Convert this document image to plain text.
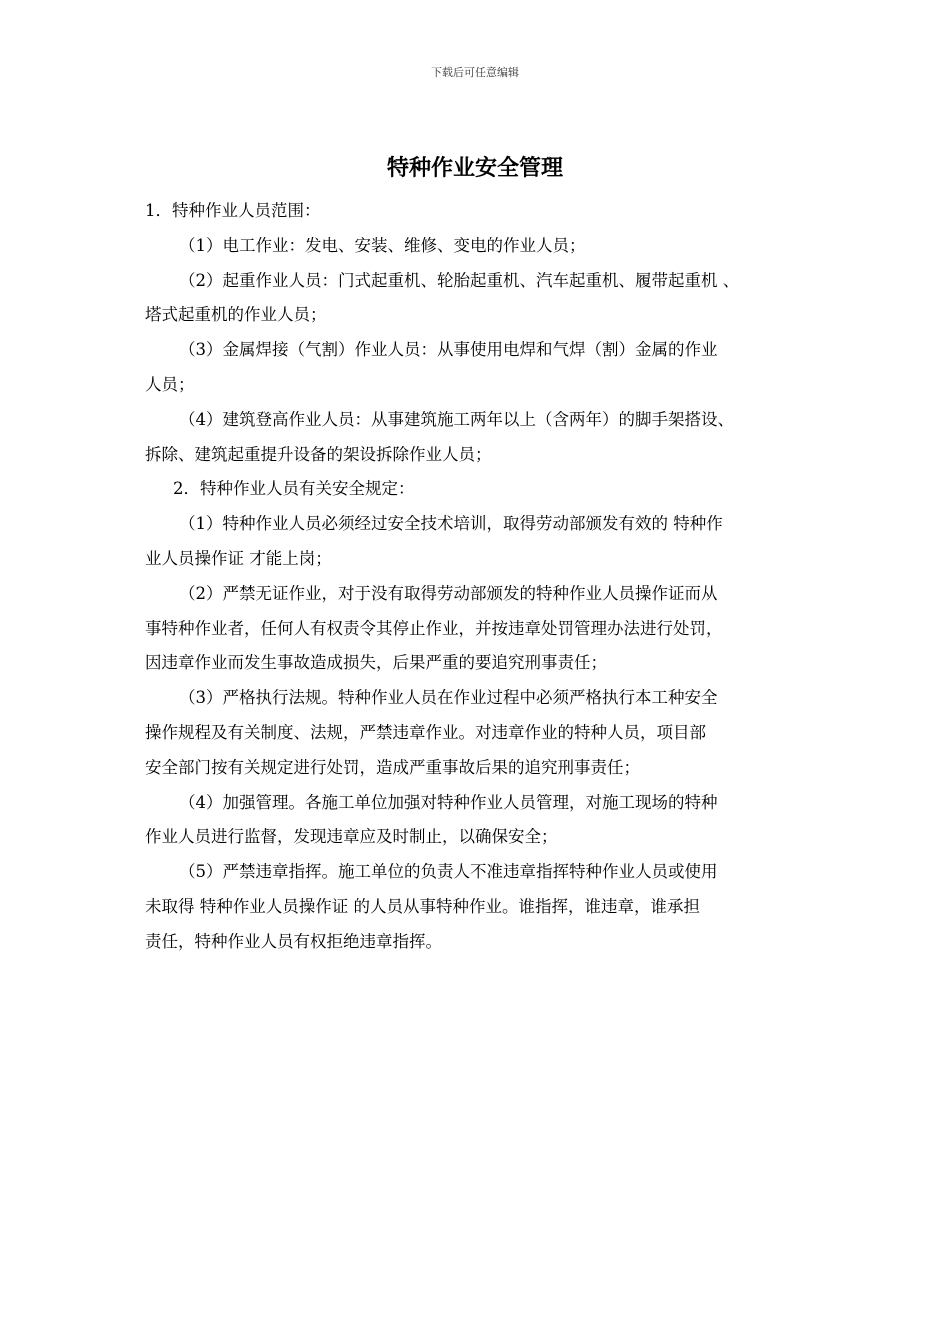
下载后可任意编辑
特种作业安全管理
1．特种作业人员范围：
（1）电工作业：发电、安装、维修、变电的作业人员；
（2）起重作业人员：门式起重机、轮胎起重机、汽车起重机、履带起重机 、
塔式起重机的作业人员；
（3）金属焊接（气割）作业人员：从事使用电焊和气焊（割）金属的作业
人员；
（4）建筑登高作业人员：从事建筑施工两年以上（含两年）的脚手架搭设、
拆除、建筑起重提升设备的架设拆除作业人员；
2．特种作业人员有关安全规定：
（1）特种作业人员必须经过安全技术培训，取得劳动部颁发有效的 特种作
业人员操作证 才能上岗；
（2）严禁无证作业，对于没有取得劳动部颁发的特种作业人员操作证而从
事特种作业者，任何人有权责令其停止作业，并按违章处罚管理办法进行处罚，
因违章作业而发生事故造成损失，后果严重的要追究刑事责任；
（3）严格执行法规。特种作业人员在作业过程中必须严格执行本工种安全
操作规程及有关制度、法规，严禁违章作业。对违章作业的特种人员，项目部
安全部门按有关规定进行处罚，造成严重事故后果的追究刑事责任；
（4）加强管理。各施工单位加强对特种作业人员管理，对施工现场的特种
作业人员进行监督，发现违章应及时制止，以确保安全；
（5）严禁违章指挥。施工单位的负责人不准违章指挥特种作业人员或使用
未取得 特种作业人员操作证 的人员从事特种作业。谁指挥，谁违章，谁承担
责任，特种作业人员有权拒绝违章指挥。
